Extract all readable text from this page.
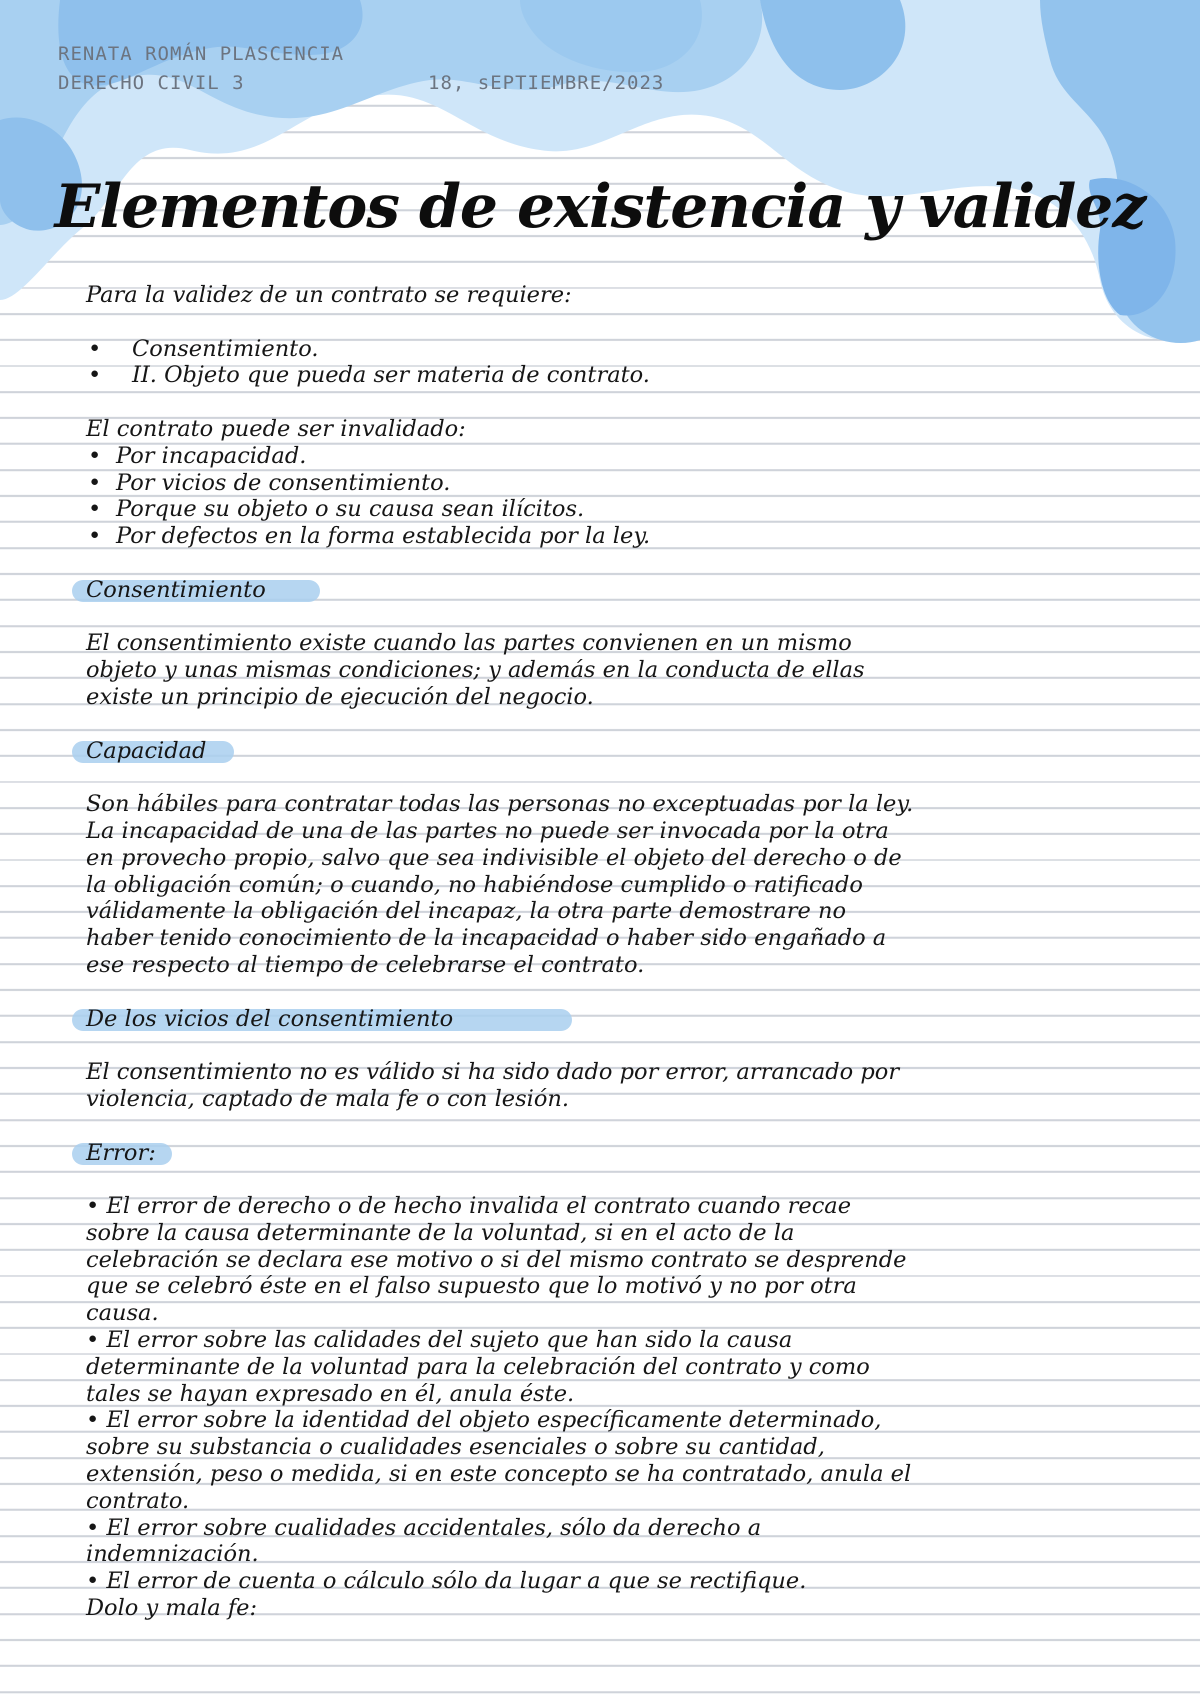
RENATA ROMÁN PLASCENCIA
DERECHO CIVIL 3	18, sEPTIEMBRE/2023
Elementos de existencia y validez

Para la validez de un contrato se requiere:

• Consentimiento.
• II. Objeto que pueda ser materia de contrato.

El contrato puede ser invalidado:

• Por incapacidad.
• Por vicios de consentimiento.
• Porque su objeto o su causa sean ilícitos.
• Por defectos en la forma establecida por la ley.
Consentimiento

El consentimiento existe cuando las partes convienen en un mismo

objeto y unas mismas condiciones; y además en la conducta de ellas

existe un principio de ejecución del negocio.

Capacidad

Son hábiles para contratar todas las personas no exceptuadas por la ley.

La incapacidad de una de las partes no puede ser invocada por la otra

en provecho propio, salvo que sea indivisible el objeto del derecho o de

la obligación común; o cuando, no habiéndose cumplido o ratificado

válidamente la obligación del incapaz, la otra parte demostrare no

haber tenido conocimiento de la incapacidad o haber sido engañado a

ese respecto al tiempo de celebrarse el contrato.

De los vicios del consentimiento

El consentimiento no es válido si ha sido dado por error, arrancado por

violencia, captado de mala fe o con lesión.

Error:

• El error de derecho o de hecho invalida el contrato cuando recae

sobre la causa determinante de la voluntad, si en el acto de la

celebración se declara ese motivo o si del mismo contrato se desprende

que se celebró éste en el falso supuesto que lo motivó y no por otra

causa.

• El error sobre las calidades del sujeto que han sido la causa

determinante de la voluntad para la celebración del contrato y como

tales se hayan expresado en él, anula éste.

• El error sobre la identidad del objeto específicamente determinado,

sobre su substancia o cualidades esenciales o sobre su cantidad,

extensión, peso o medida, si en este concepto se ha contratado, anula el

contrato.

• El error sobre cualidades accidentales, sólo da derecho a

indemnización.

• El error de cuenta o cálculo sólo da lugar a que se rectifique.

Dolo y mala fe:
